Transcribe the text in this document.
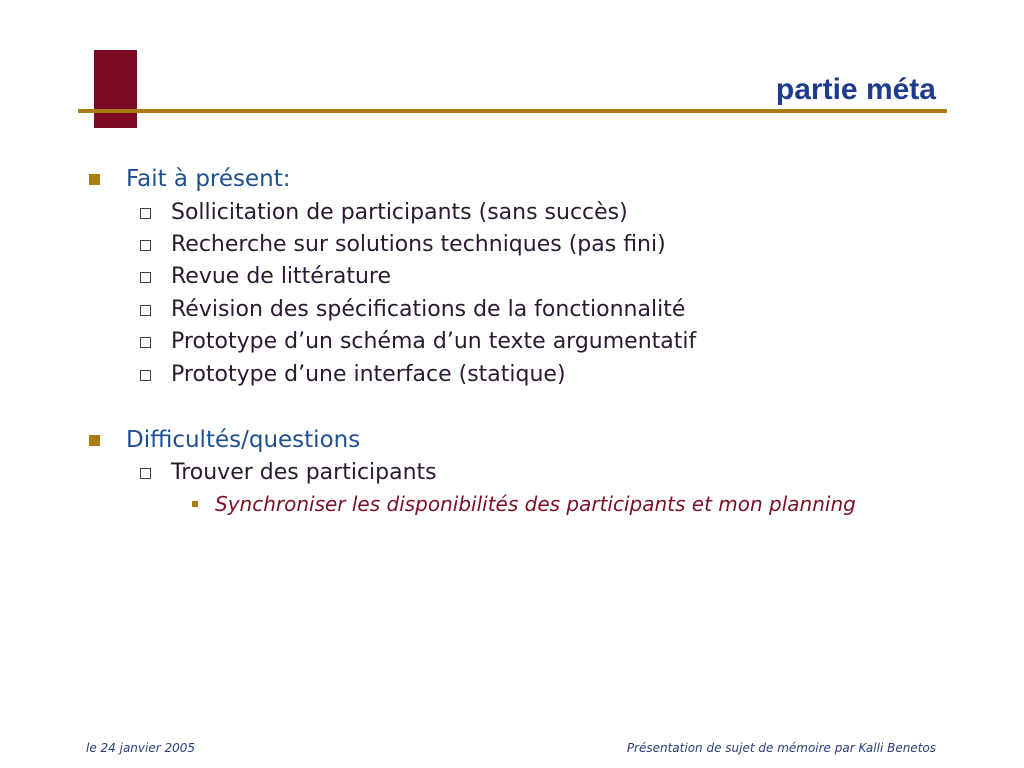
partie méta
Fait à présent:
Sollicitation de participants (sans succès)
Recherche sur solutions techniques (pas fini)
Revue de littérature
Révision des spécifications de la fonctionnalité
Prototype d’un schéma d’un texte argumentatif
Prototype d’une interface (statique)
Difficultés/questions
Trouver des participants
Synchroniser les disponibilités des participants et mon planning
le 24 janvier 2005	Présentation de sujet de mémoire par Kalli Benetos
